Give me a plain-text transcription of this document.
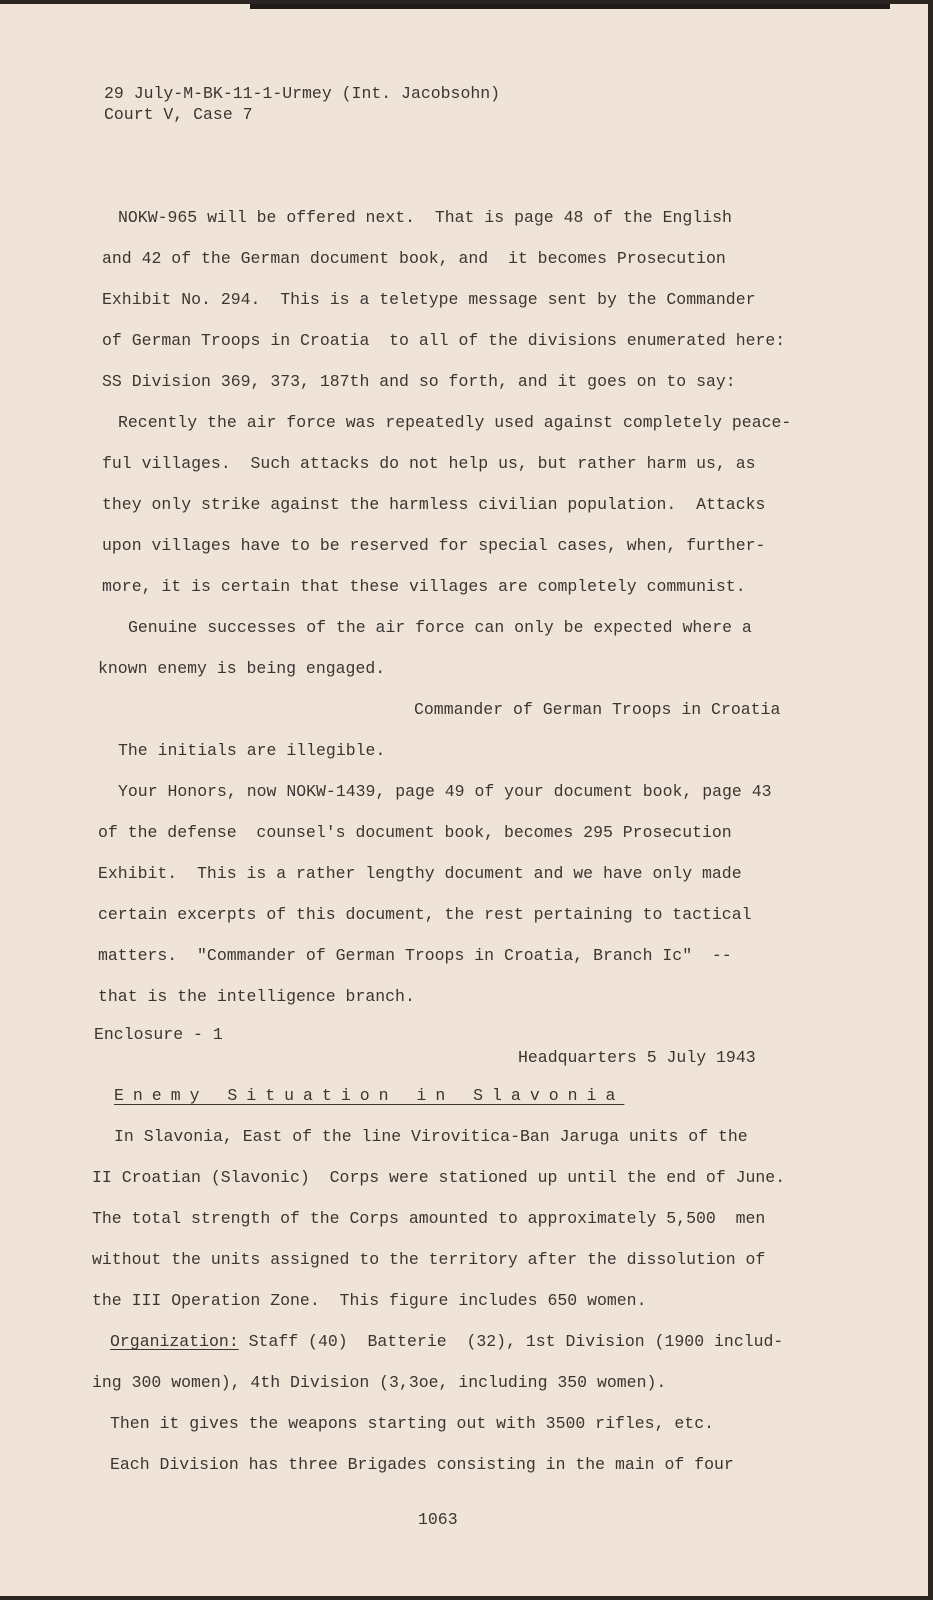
29 July-M-BK-11-1-Urmey (Int. Jacobsohn)
Court V, Case 7
NOKW-965 will be offered next.  That is page 48 of the English
and 42 of the German document book, and  it becomes Prosecution
Exhibit No. 294.  This is a teletype message sent by the Commander
of German Troops in Croatia  to all of the divisions enumerated here:
SS Division 369, 373, 187th and so forth, and it goes on to say:
Recently the air force was repeatedly used against completely peace-
ful villages.  Such attacks do not help us, but rather harm us, as
they only strike against the harmless civilian population.  Attacks
upon villages have to be reserved for special cases, when, further-
more, it is certain that these villages are completely communist.
Genuine successes of the air force can only be expected where a
known enemy is being engaged.
Commander of German Troops in Croatia
The initials are illegible.
Your Honors, now NOKW-1439, page 49 of your document book, page 43
of the defense  counsel's document book, becomes 295 Prosecution
Exhibit.  This is a rather lengthy document and we have only made
certain excerpts of this document, the rest pertaining to tactical
matters.  "Commander of German Troops in Croatia, Branch Ic"  --
that is the intelligence branch.
Enclosure - 1
Headquarters 5 July 1943
Enemy Situation in Slavonia
In Slavonia, East of the line Virovitica-Ban Jaruga units of the
II Croatian (Slavonic)  Corps were stationed up until the end of June.
The total strength of the Corps amounted to approximately 5,500  men
without the units assigned to the territory after the dissolution of
the III Operation Zone.  This figure includes 650 women.
Organization: Staff (40)  Batterie  (32), 1st Division (1900 includ-
ing 300 women), 4th Division (3,3oe, including 350 women).
Then it gives the weapons starting out with 3500 rifles, etc.
Each Division has three Brigades consisting in the main of four
1063
